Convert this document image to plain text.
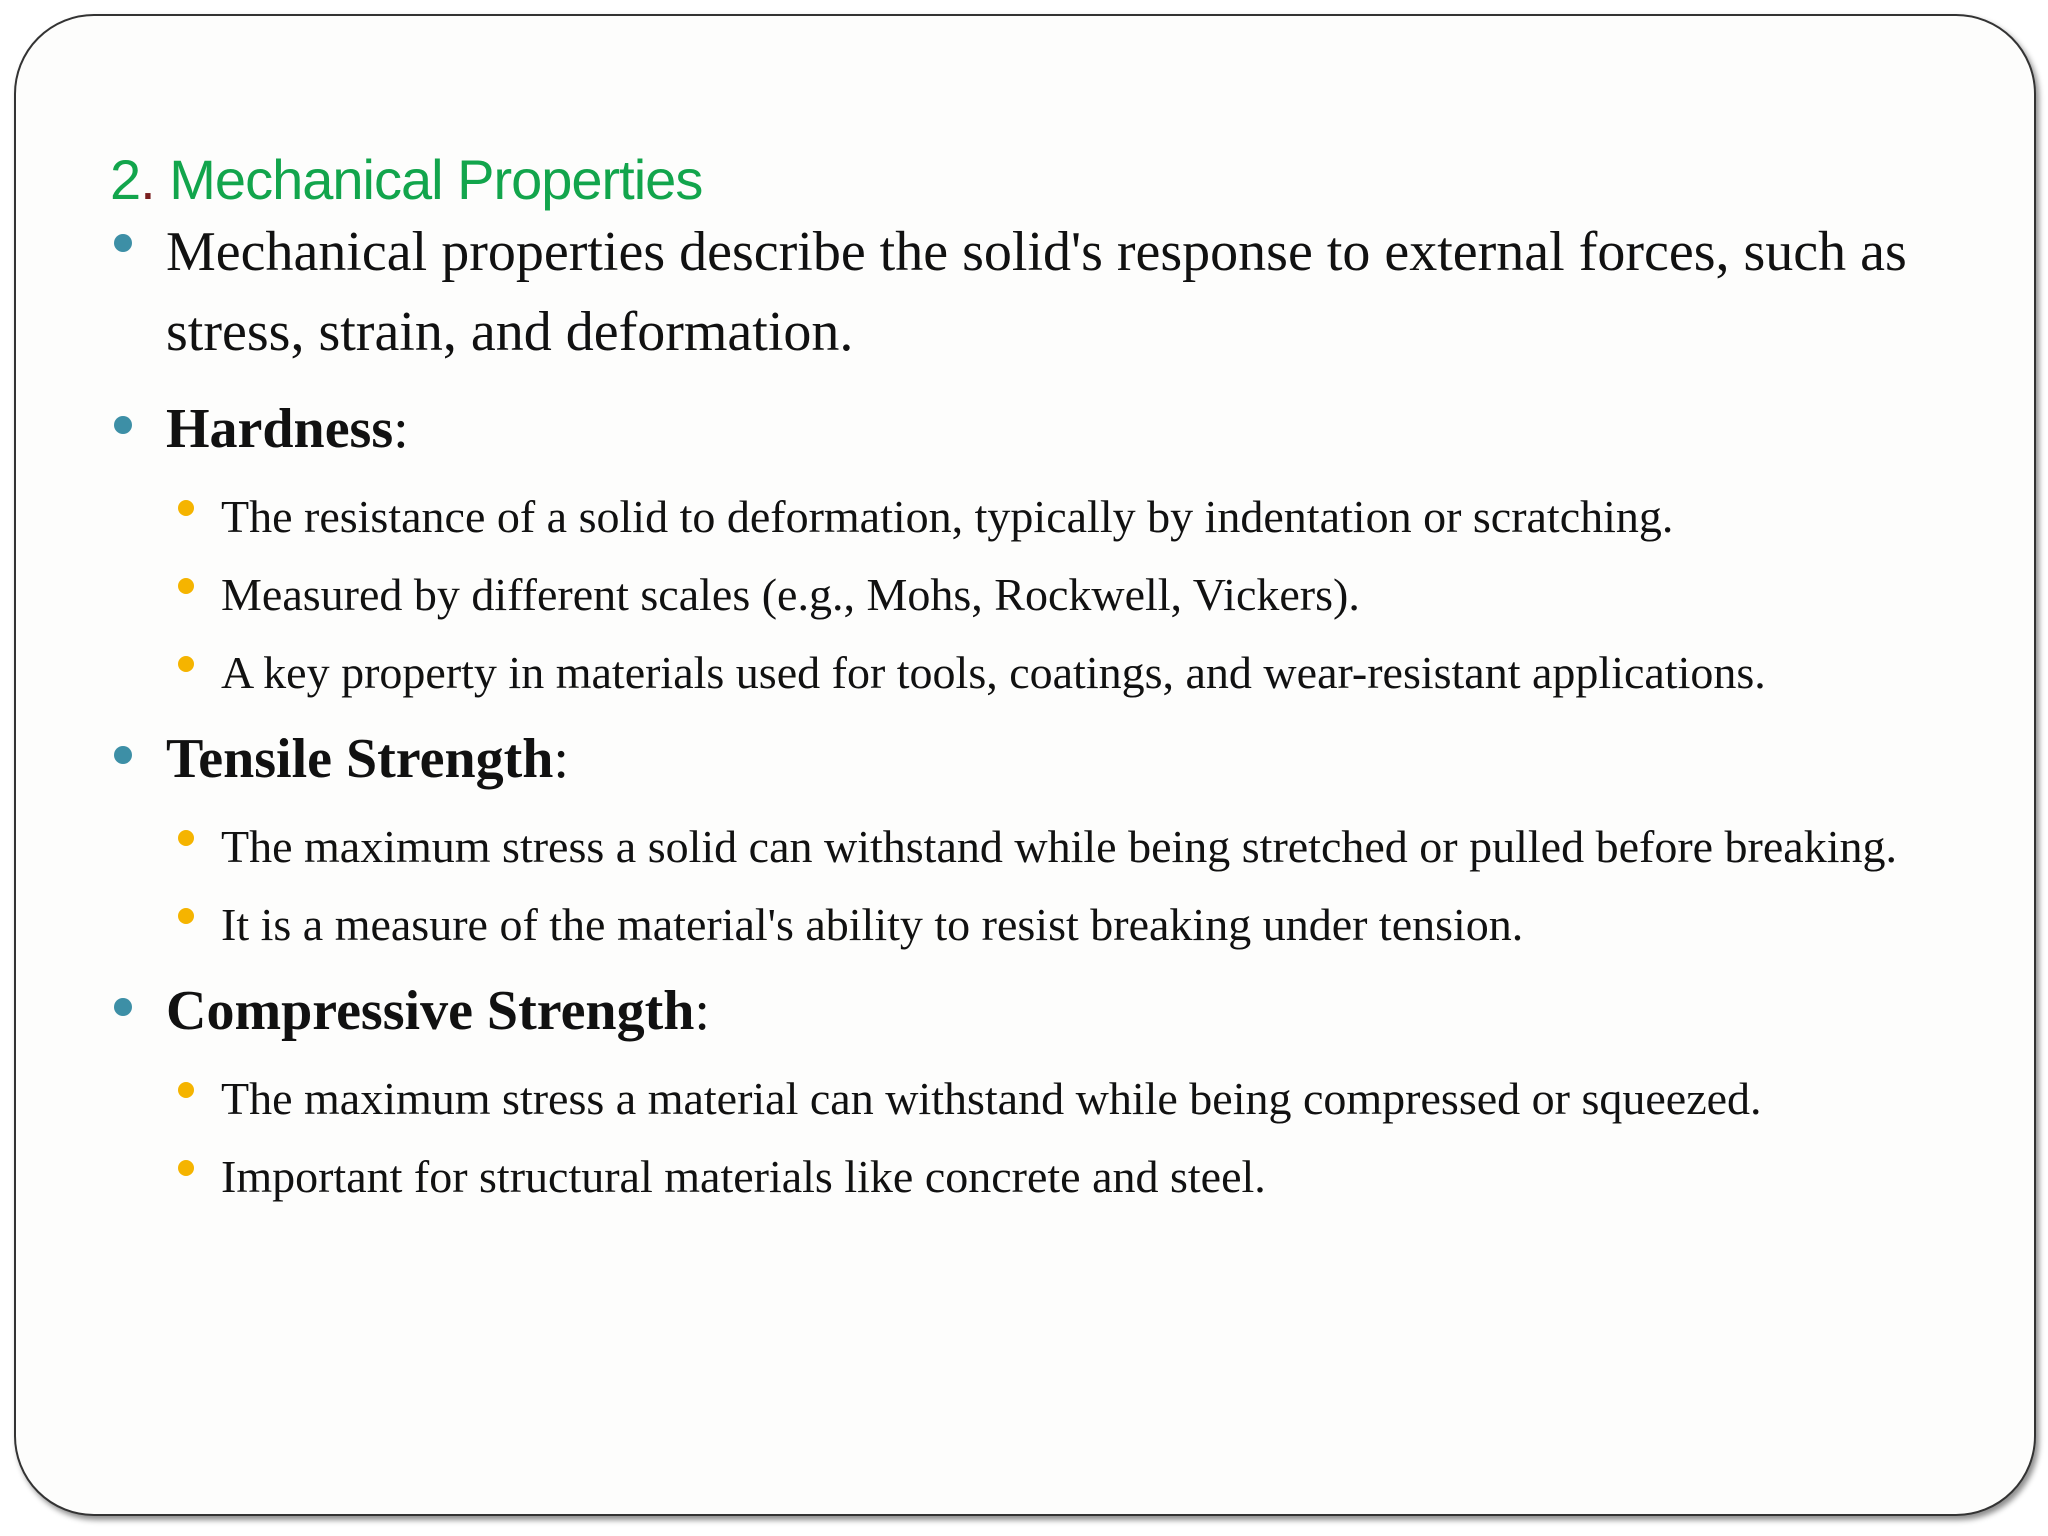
2. Mechanical Properties
Mechanical properties describe the solid's response to external forces, such as stress, strain, and deformation.
Hardness:
The resistance of a solid to deformation, typically by indentation or scratching.
Measured by different scales (e.g., Mohs, Rockwell, Vickers).
A key property in materials used for tools, coatings, and wear-resistant applications.
Tensile Strength:
The maximum stress a solid can withstand while being stretched or pulled before breaking.
It is a measure of the material's ability to resist breaking under tension.
Compressive Strength:
The maximum stress a material can withstand while being compressed or squeezed.
Important for structural materials like concrete and steel.
